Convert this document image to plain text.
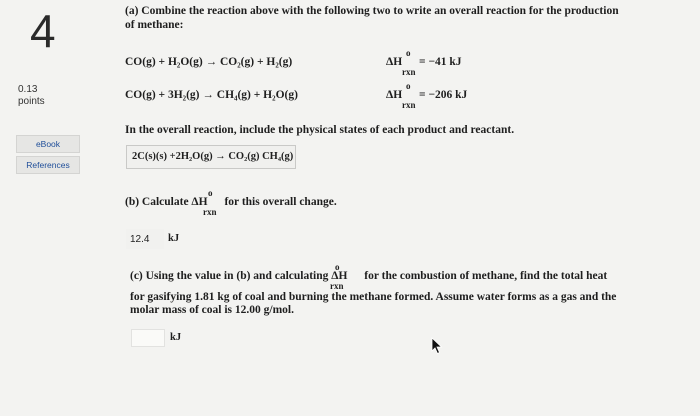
4
0.13
points
eBook
References
(a) Combine the reaction above with the following two to write an overall reaction for the production
of methane:
CO(g) + H₂O(g) → CO₂(g) + H₂(g)	ΔH
o
rxn
= −41 kJ
CO(g) + 3H₂(g) → CH₄(g) + H₂O(g)	ΔH
o
rxn
= −206 kJ
In the overall reaction, include the physical states of each product and reactant.
2C(s)(s) +2H₂O(g) → CO₂(g) CH₄(g)
(b) Calculate ΔH
o
rxn
for this overall change.
12.4
kJ
(c) Using the value in (b) and calculating ΔH
o
rxn
for the combustion of methane, find the total heat
for gasifying 1.81 kg of coal and burning the methane formed. Assume water forms as a gas and the
molar mass of coal is 12.00 g/mol.
kJ
